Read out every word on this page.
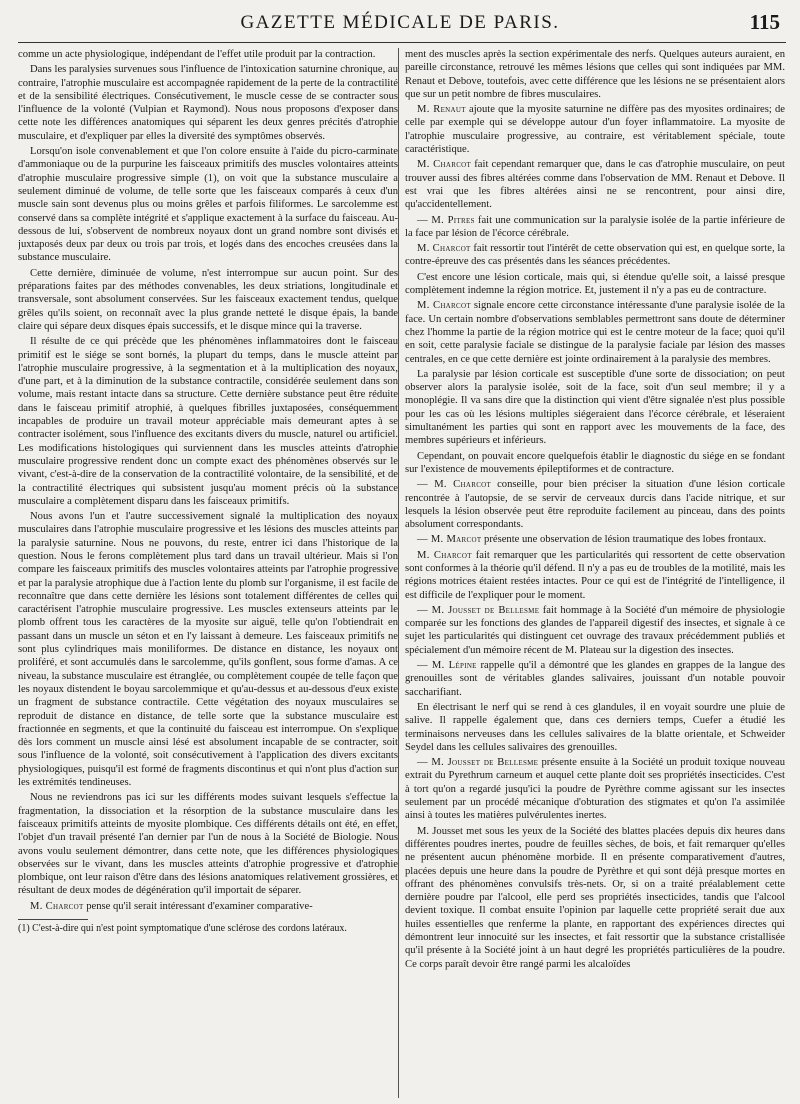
GAZETTE MÉDICALE DE PARIS.	115

comme un acte physiologique, indépendant de l'effet utile produit par la contraction.

Dans les paralysies survenues sous l'influence de l'intoxication saturnine chronique, au contraire, l'atrophie musculaire est accompagnée rapidement de la perte de la contractilité et de la sensibilité électriques. Consécutivement, le muscle cesse de se contracter sous l'influence de la volonté (Vulpian et Raymond). Nous nous proposons d'exposer dans cette note les différences anatomiques qui séparent les deux genres précités d'atrophie musculaire, et d'expliquer par elles la diversité des symptômes observés.

Lorsqu'on isole convenablement et que l'on colore ensuite à l'aide du picro-carminate d'ammoniaque ou de la purpurine les faisceaux primitifs des muscles volontaires atteints d'atrophie musculaire progressive simple (1), on voit que la substance musculaire a seulement diminué de volume, de telle sorte que les faisceaux comparés à ceux d'un muscle sain sont devenus plus ou moins grêles et parfois filiformes. Le sarcolemme est conservé dans sa complète intégrité et s'applique exactement à la surface du faisceau. Au-dessous de lui, s'observent de nombreux noyaux dont un grand nombre sont divisés et juxtaposés deux par deux ou trois par trois, et logés dans des encoches creusées dans la substance musculaire.

Cette dernière, diminuée de volume, n'est interrompue sur aucun point. Sur des préparations faites par des méthodes convenables, les deux striations, longitudinale et transversale, sont absolument conservées. Sur les faisceaux exactement tendus, quelque grêles qu'ils soient, on reconnaît avec la plus grande netteté le disque épais, la bande claire qui sépare deux disques épais successifs, et le disque mince qui la traverse.

Il résulte de ce qui précède que les phénomènes inflammatoires dont le faisceau primitif est le siége se sont bornés, la plupart du temps, dans le muscle atteint par l'atrophie musculaire progressive, à la segmentation et à la multiplication des noyaux, d'une part, et à la diminution de la substance contractile, considérée seulement dans son volume, mais restant intacte dans sa structure. Cette dernière substance peut être réduite dans le faisceau primitif atrophié, à quelques fibrilles juxtaposées, conséquemment incapables de produire un travail moteur appréciable mais demeurant aptes à se contracter isolément, sous l'influence des excitants divers du muscle, naturel ou artificiel. Les modifications histologiques qui surviennent dans les muscles atteints d'atrophie musculaire progressive rendent donc un compte exact des phénomènes observés sur le vivant, c'est-à-dire de la conservation de la contractilité volontaire, de la sensibilité, et de la contractilité électriques qui subsistent jusqu'au moment précis où la substance musculaire a complètement disparu dans les faisceaux primitifs.

Nous avons l'un et l'autre successivement signalé la multiplication des noyaux musculaires dans l'atrophie musculaire progressive et les lésions des muscles atteints par la paralysie saturnine. Nous ne pouvons, du reste, entrer ici dans l'historique de la question. Nous le ferons complètement plus tard dans un travail ultérieur. Mais si l'on compare les faisceaux primitifs des muscles volontaires atteints par l'atrophie progressive et par la paralysie atrophique due à l'action lente du plomb sur l'organisme, il est facile de reconnaître que dans cette dernière les lésions sont totalement différentes de celles qui caractérisent l'atrophie musculaire progressive. Les muscles extenseurs atteints par le plomb offrent tous les caractères de la myosite sur aiguë, telle qu'on l'obtiendrait en passant dans un muscle un séton et en l'y laissant à demeure. Les faisceaux primitifs ne sont plus cylindriques mais moniliformes. De distance en distance, les noyaux ont proliféré, et sont accumulés dans le sarcolemme, qu'ils gonflent, sous forme d'amas. A ce niveau, la substance musculaire est étranglée, ou complètement coupée de telle façon que les noyaux distendent le boyau sarcolemmique et qu'au-dessus et au-dessous d'eux existe un fragment de substance contractile. Cette végétation des noyaux musculaires se reproduit de distance en distance, de telle sorte que la substance musculaire est fractionnée en segments, et que la continuité du faisceau est interrompue. On s'explique dès lors comment un muscle ainsi lésé est absolument incapable de se contracter, soit sous l'influence de la volonté, soit consécutivement à l'application des divers excitants physiologiques, puisqu'il est formé de fragments discontinus et qui n'ont plus d'action sur les extrémités tendineuses.

Nous ne reviendrons pas ici sur les différents modes suivant lesquels s'effectue la fragmentation, la dissociation et la résorption de la substance musculaire dans les faisceaux primitifs atteints de myosite plombique. Ces différents détails ont été, en effet, l'objet d'un travail présenté l'an dernier par l'un de nous à la Société de Biologie. Nous avons voulu seulement démontrer, dans cette note, que les différences physiologiques observées sur le vivant, dans les muscles atteints d'atrophie progressive et d'atrophie plombique, ont leur raison d'être dans des lésions anatomiques relativement grossières, et résultant de deux modes de dégénération qu'il importait de séparer.

M. Charcot pense qu'il serait intéressant d'examiner comparative-

(1) C'est-à-dire qui n'est point symptomatique d'une sclérose des cordons latéraux.

ment des muscles après la section expérimentale des nerfs. Quelques auteurs auraient, en pareille circonstance, retrouvé les mêmes lésions que celles qui sont indiquées par MM. Renaut et Debove, toutefois, avec cette différence que les lésions ne se présentaient alors que sur un petit nombre de fibres musculaires.

M. Renaut ajoute que la myosite saturnine ne diffère pas des myosites ordinaires; de celle par exemple qui se développe autour d'un foyer inflammatoire. La myosite de l'atrophie musculaire progressive, au contraire, est véritablement spéciale, toute caractéristique.

M. Charcot fait cependant remarquer que, dans le cas d'atrophie musculaire, on peut trouver aussi des fibres altérées comme dans l'observation de MM. Renaut et Debove. Il est vrai que les fibres altérées ainsi ne se rencontrent, pour ainsi dire, qu'accidentellement.

— M. Pitres fait une communication sur la paralysie isolée de la partie inférieure de la face par lésion de l'écorce cérébrale.

M. Charcot fait ressortir tout l'intérêt de cette observation qui est, en quelque sorte, la contre-épreuve des cas présentés dans les séances précédentes.

C'est encore une lésion corticale, mais qui, si étendue qu'elle soit, a laissé presque complètement indemne la région motrice. Et, justement il n'y a pas eu de contracture.

M. Charcot signale encore cette circonstance intéressante d'une paralysie isolée de la face. Un certain nombre d'observations semblables permettront sans doute de déterminer chez l'homme la partie de la région motrice qui est le centre moteur de la face; quoi qu'il en soit, cette paralysie faciale se distingue de la paralysie faciale par lésion des masses centrales, en ce que cette dernière est jointe ordinairement à la paralysie des membres.

La paralysie par lésion corticale est susceptible d'une sorte de dissociation; on peut observer alors la paralysie isolée, soit de la face, soit d'un seul membre; il y a monoplégie. Il va sans dire que la distinction qui vient d'être signalée n'est plus possible pour les cas où les lésions multiples siégeraient dans l'écorce cérébrale, et léseraient simultanément les parties qui sont en rapport avec les mouvements de la face, des membres supérieurs et inférieurs.

Cependant, on pouvait encore quelquefois établir le diagnostic du siége en se fondant sur l'existence de mouvements épileptiformes et de contracture.

— M. Charcot conseille, pour bien préciser la situation d'une lésion corticale rencontrée à l'autopsie, de se servir de cerveaux durcis dans l'acide nitrique, et sur lesquels la lésion observée peut être reproduite facilement au pinceau, dans des points absolument correspondants.

— M. Marcot présente une observation de lésion traumatique des lobes frontaux.

M. Charcot fait remarquer que les particularités qui ressortent de cette observation sont conformes à la théorie qu'il défend. Il n'y a pas eu de troubles de la motilité, mais les régions motrices étaient restées intactes. Pour ce qui est de l'intégrité de l'intelligence, il est difficile de l'expliquer pour le moment.

— M. Jousset de Bellesme fait hommage à la Société d'un mémoire de physiologie comparée sur les fonctions des glandes de l'appareil digestif des insectes, et signale à ce sujet les particularités qui distinguent cet ouvrage des travaux précédemment publiés et spécialement d'un mémoire récent de M. Plateau sur la digestion des insectes.

— M. Lépine rappelle qu'il a démontré que les glandes en grappes de la langue des grenouilles sont de véritables glandes salivaires, jouissant d'un notable pouvoir saccharifiant.

En électrisant le nerf qui se rend à ces glandules, il en voyait sourdre une pluie de salive. Il rappelle également que, dans ces derniers temps, Cuefer a étudié les terminaisons nerveuses dans les cellules salivaires de la blatte orientale, et Schweider Seydel dans les cellules salivaires des grenouilles.

— M. Jousset de Bellesme présente ensuite à la Société un produit toxique nouveau extrait du Pyrethrum carneum et auquel cette plante doit ses propriétés insecticides. C'est à tort qu'on a regardé jusqu'ici la poudre de Pyrèthre comme agissant sur les insectes seulement par un procédé mécanique d'obturation des stigmates et qu'on l'a assimilée ainsi à toutes les matières pulvérulentes inertes.

M. Jousset met sous les yeux de la Société des blattes placées depuis dix heures dans différentes poudres inertes, poudre de feuilles sèches, de bois, et fait remarquer qu'elles ne présentent aucun phénomène morbide. Il en présente comparativement d'autres, placées depuis une heure dans la poudre de Pyrèthre et qui sont déjà presque mortes en offrant des phénomènes convulsifs très-nets. Or, si on a traité préalablement cette dernière poudre par l'alcool, elle perd ses propriétés insecticides, tandis que l'alcool devient toxique. Il combat ensuite l'opinion par laquelle cette propriété serait due aux huiles essentielles que renferme la plante, en rapportant des expériences directes qui démontrent leur innocuité sur les insectes, et fait ressortir que la substance cristallisée qu'il présente à la Société joint à un haut degré les propriétés particulières de la poudre. Ce corps paraît devoir être rangé parmi les alcaloïdes
